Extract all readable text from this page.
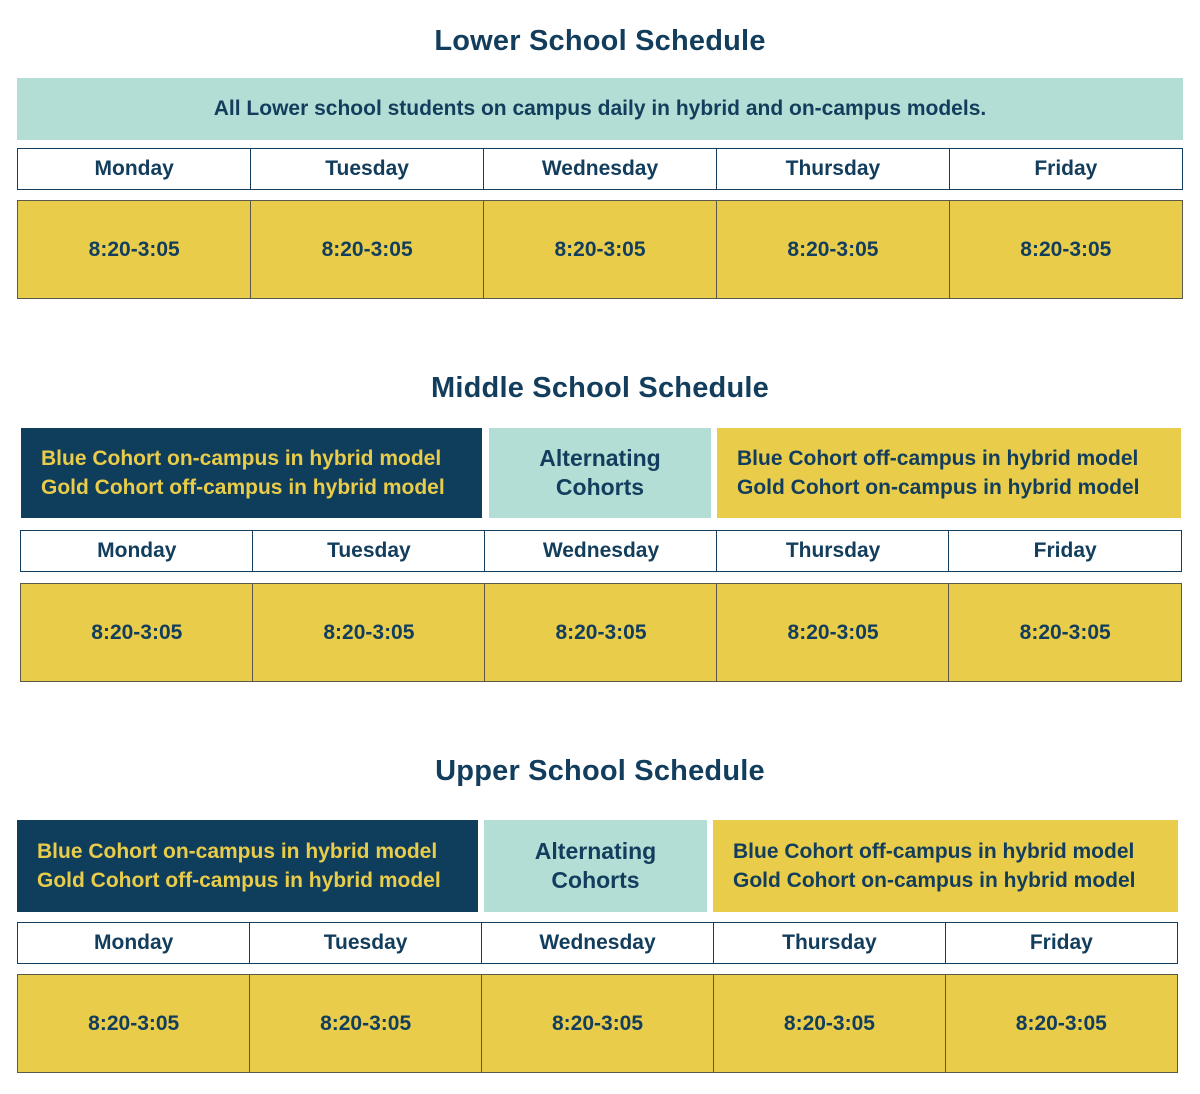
Lower School Schedule
All Lower school students on campus daily in hybrid and on-campus models.
Monday	Tuesday	Wednesday	Thursday	Friday
8:20-3:05	8:20-3:05	8:20-3:05	8:20-3:05	8:20-3:05
Middle School Schedule
Blue Cohort on-campus in hybrid model
Gold Cohort off-campus in hybrid model
Alternating
Cohorts
Blue Cohort off-campus in hybrid model
Gold Cohort on-campus in hybrid model
Monday	Tuesday	Wednesday	Thursday	Friday
8:20-3:05	8:20-3:05	8:20-3:05	8:20-3:05	8:20-3:05
Upper School Schedule
Blue Cohort on-campus in hybrid model
Gold Cohort off-campus in hybrid model
Alternating
Cohorts
Blue Cohort off-campus in hybrid model
Gold Cohort on-campus in hybrid model
Monday	Tuesday	Wednesday	Thursday	Friday
8:20-3:05	8:20-3:05	8:20-3:05	8:20-3:05	8:20-3:05
